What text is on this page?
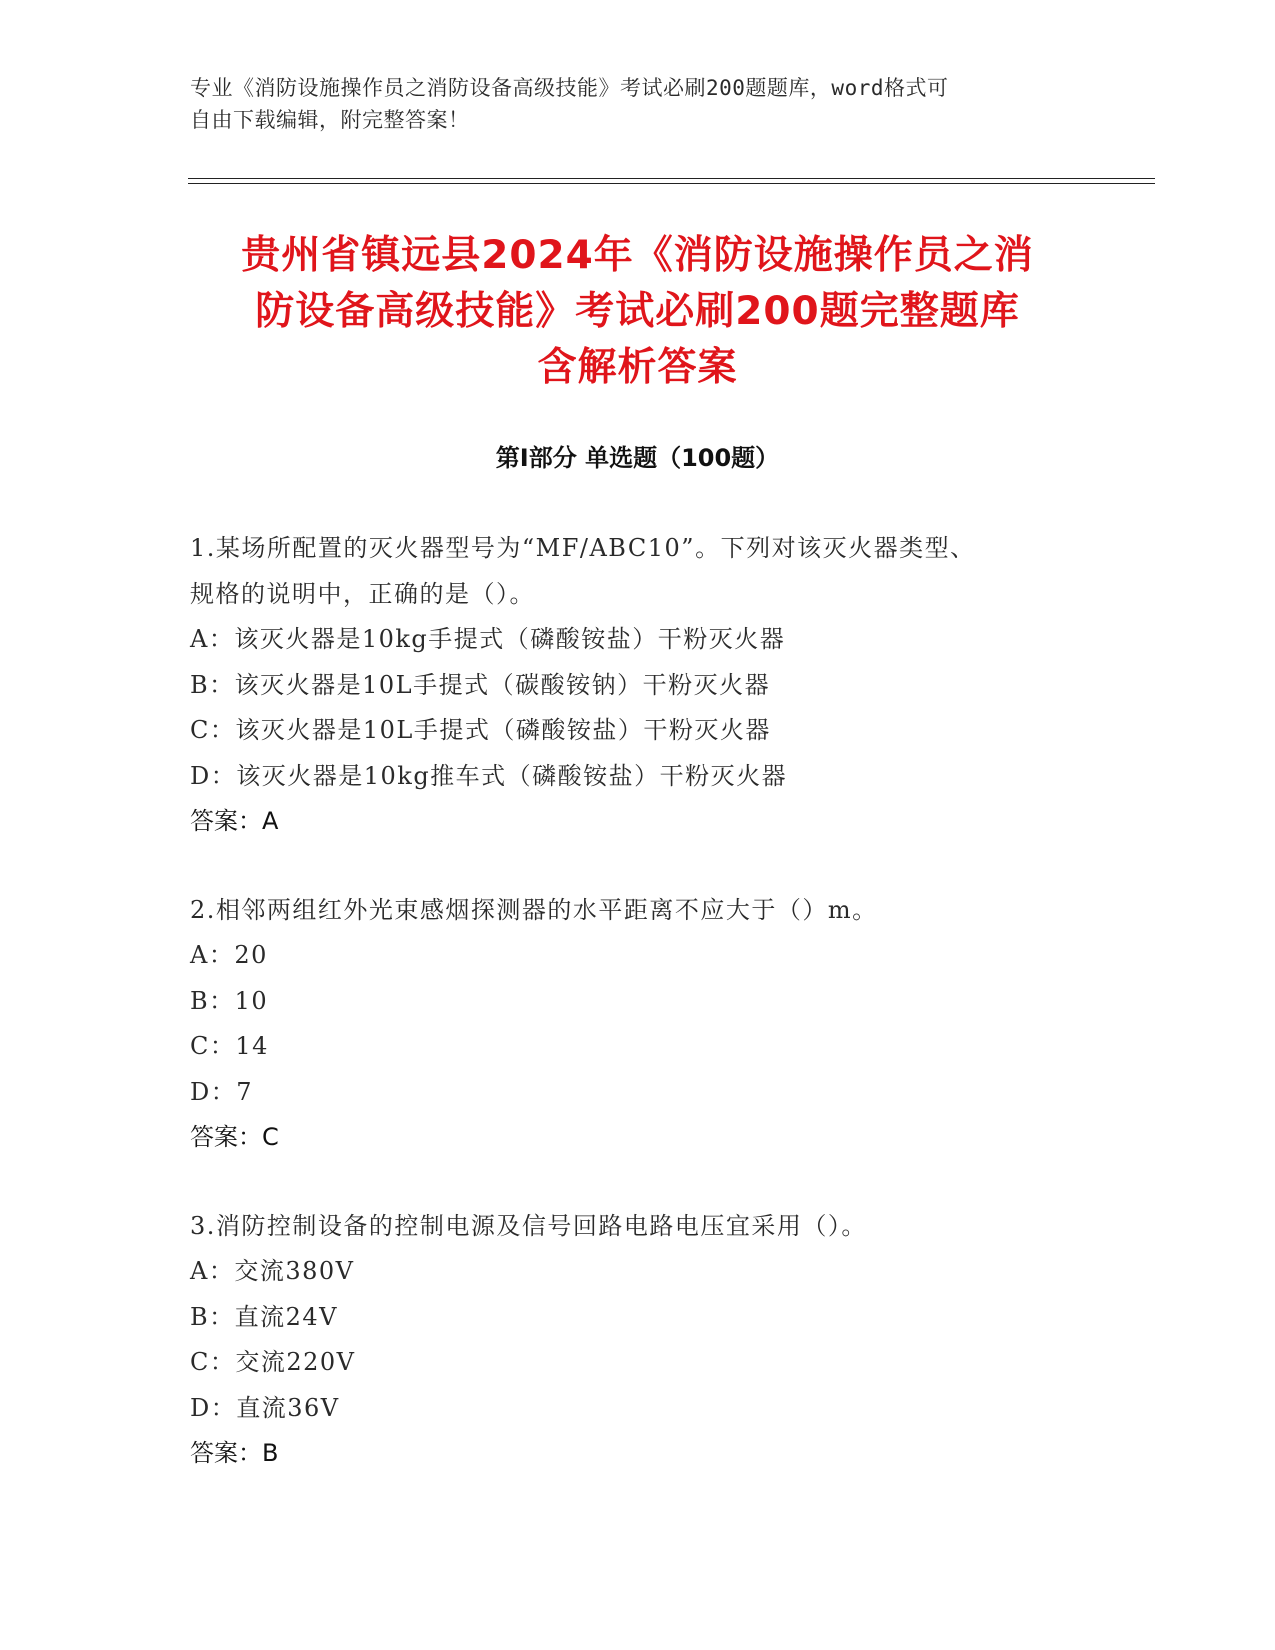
专业《消防设施操作员之消防设备高级技能》考试必刷200题题库，word格式可
自由下载编辑，附完整答案！
贵州省镇远县2024年《消防设施操作员之消
防设备高级技能》考试必刷200题完整题库
含解析答案
第Ⅰ部分 单选题（100题）
1.某场所配置的灭火器型号为“MF/ABC10”。下列对该灭火器类型、
规格的说明中，正确的是（）。
A：该灭火器是10kg手提式（磷酸铵盐）干粉灭火器
B：该灭火器是10L手提式（碳酸铵钠）干粉灭火器
C：该灭火器是10L手提式（磷酸铵盐）干粉灭火器
D：该灭火器是10kg推车式（磷酸铵盐）干粉灭火器
答案：A
2.相邻两组红外光束感烟探测器的水平距离不应大于（）m。
A：20
B：10
C：14
D：7
答案：C
3.消防控制设备的控制电源及信号回路电路电压宜采用（）。
A：交流380V
B：直流24V
C：交流220V
D：直流36V
答案：B
